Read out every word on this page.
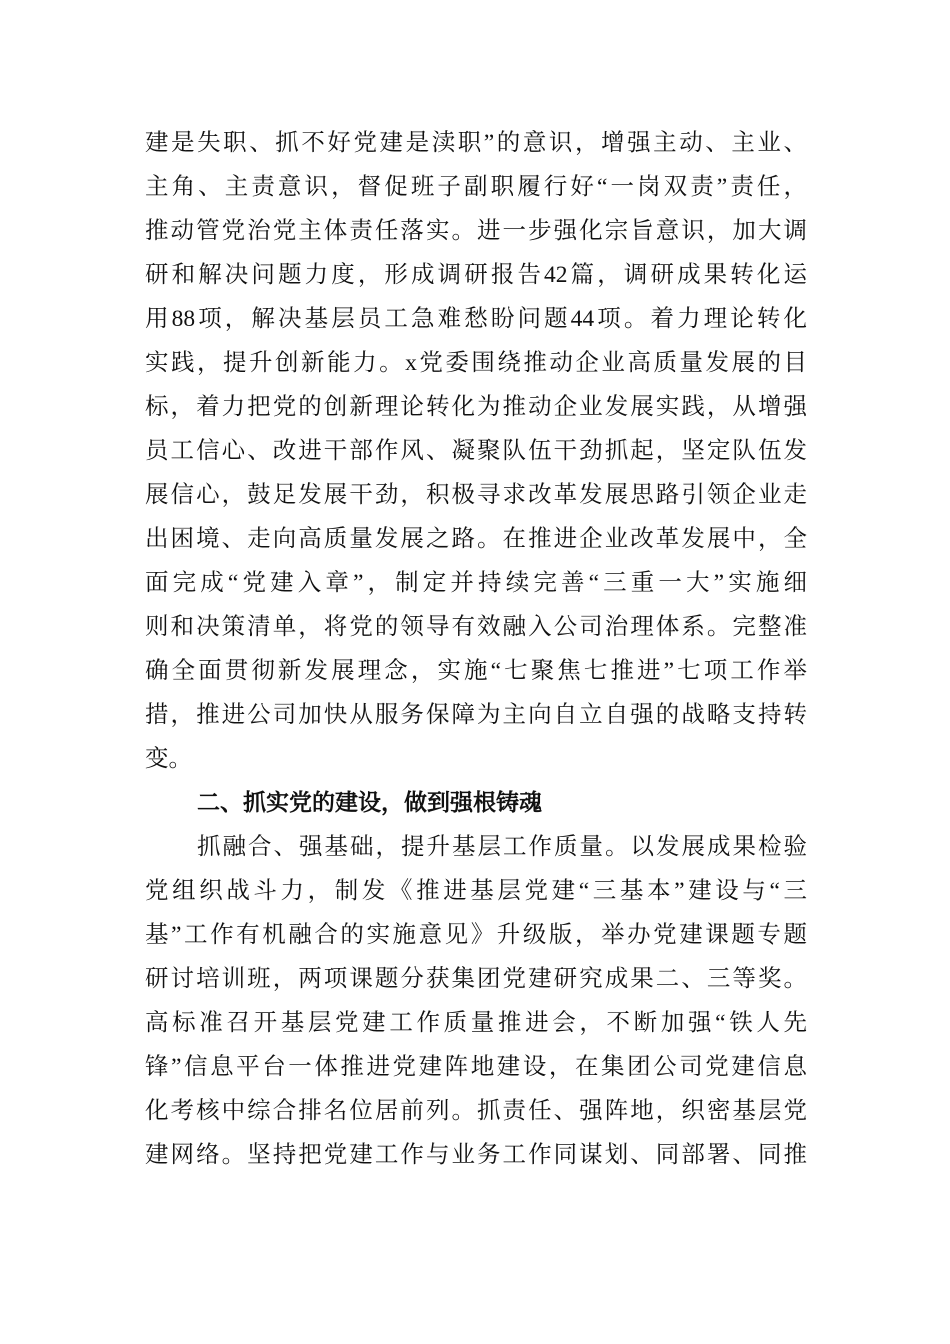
建是失职、抓不好党建是渎职”的意识，增强主动、主业、
主角、主责意识，督促班子副职履行好“一岗双责”责任，
推动管党治党主体责任落实。进一步强化宗旨意识，加大调
研和解决问题力度，形成调研报告42篇，调研成果转化运
用88项，解决基层员工急难愁盼问题44项。着力理论转化
实践，提升创新能力。x党委围绕推动企业高质量发展的目
标，着力把党的创新理论转化为推动企业发展实践，从增强
员工信心、改进干部作风、凝聚队伍干劲抓起，坚定队伍发
展信心，鼓足发展干劲，积极寻求改革发展思路引领企业走
出困境、走向高质量发展之路。在推进企业改革发展中，全
面完成“党建入章”，制定并持续完善“三重一大”实施细
则和决策清单，将党的领导有效融入公司治理体系。完整准
确全面贯彻新发展理念，实施“七聚焦七推进”七项工作举
措，推进公司加快从服务保障为主向自立自强的战略支持转
变。
二、抓实党的建设，做到强根铸魂
抓融合、强基础，提升基层工作质量。以发展成果检验
党组织战斗力，制发《推进基层党建“三基本”建设与“三
基”工作有机融合的实施意见》升级版，举办党建课题专题
研讨培训班，两项课题分获集团党建研究成果二、三等奖。
高标准召开基层党建工作质量推进会，不断加强“铁人先
锋”信息平台一体推进党建阵地建设，在集团公司党建信息
化考核中综合排名位居前列。抓责任、强阵地，织密基层党
建网络。坚持把党建工作与业务工作同谋划、同部署、同推
